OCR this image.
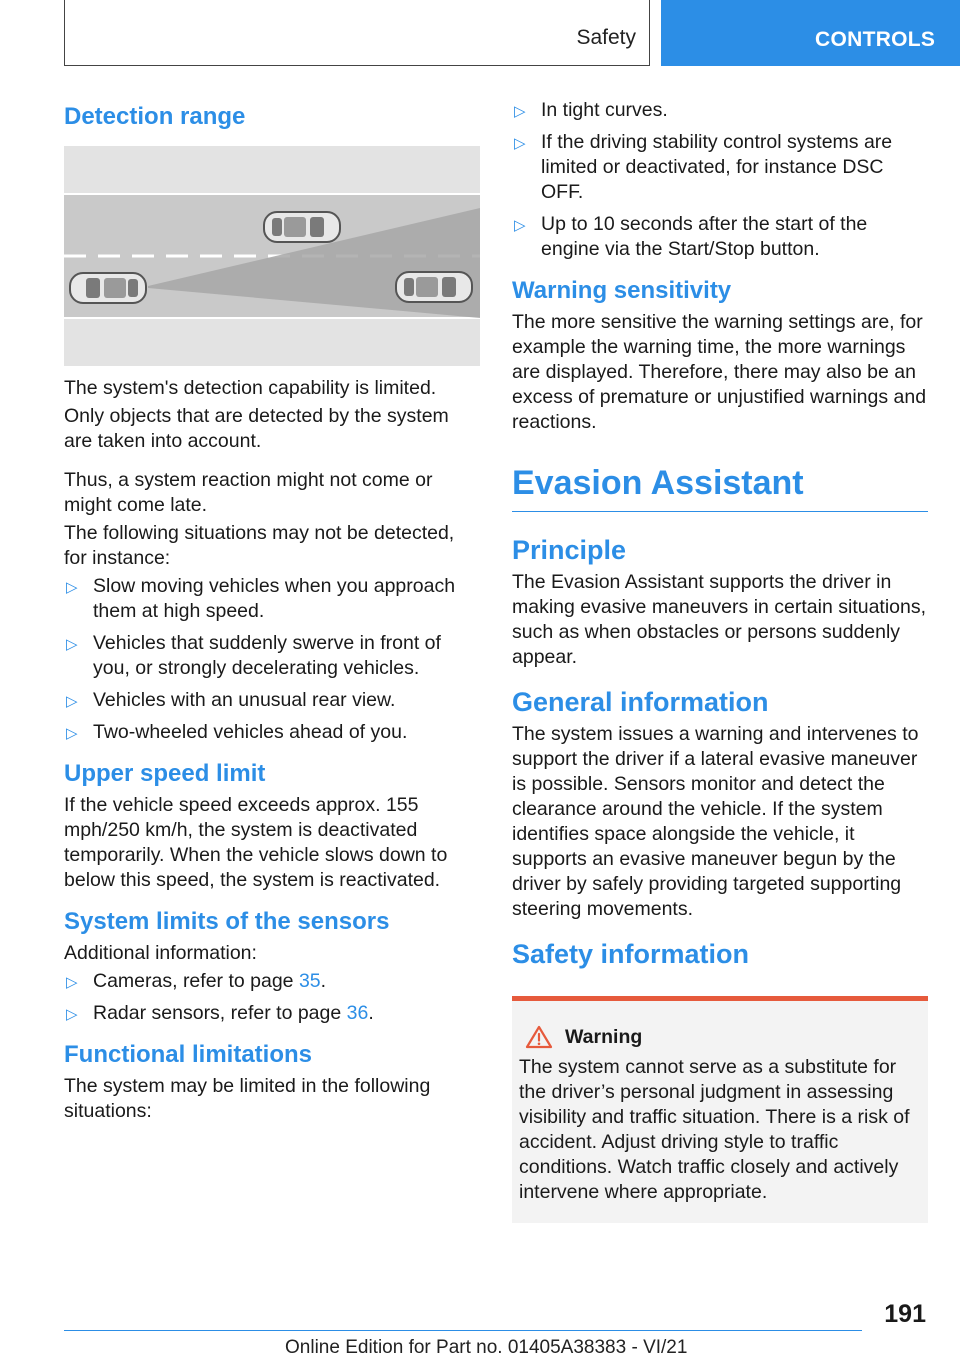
Safety	CONTROLS
Detection range

The system's detection capability is limited.

Only objects that are detected by the system are taken into account.

Thus, a system reaction might not come or might come late.

The following situations may not be detected, for instance:

▷ Slow moving vehicles when you approach them at high speed.
▷ Vehicles that suddenly swerve in front of you, or strongly decelerating vehicles.
▷ Vehicles with an unusual rear view.
▷ Two-wheeled vehicles ahead of you.
Upper speed limit

If the vehicle speed exceeds approx. 155 mph/250 km/h, the system is deactivated temporarily. When the vehicle slows down to below this speed, the system is reactivated.

System limits of the sensors

Additional information:

▷ Cameras, refer to page 35.
▷ Radar sensors, refer to page 36.
Functional limitations

The system may be limited in the following situations:

▷ In tight curves.
▷ If the driving stability control systems are limited or deactivated, for instance DSC OFF.
▷ Up to 10 seconds after the start of the engine via the Start/Stop button.
Warning sensitivity

The more sensitive the warning settings are, for example the warning time, the more warnings are displayed. Therefore, there may also be an excess of premature or unjustified warnings and reactions.

Evasion Assistant
Principle

The Evasion Assistant supports the driver in making evasive maneuvers in certain situations, such as when obstacles or persons suddenly appear.

General information

The system issues a warning and intervenes to support the driver if a lateral evasive maneuver is possible. Sensors monitor and detect the clearance around the vehicle. If the system identifies space alongside the vehicle, it supports an evasive maneuver begun by the driver by safely providing targeted supporting steering movements.

Safety information
Warning

The system cannot serve as a substitute for the driver’s personal judgment in assessing visibility and traffic situation. There is a risk of accident. Adjust driving style to traffic conditions. Watch traffic closely and actively intervene where appropriate.

191
Online Edition for Part no. 01405A38383 - VI/21
